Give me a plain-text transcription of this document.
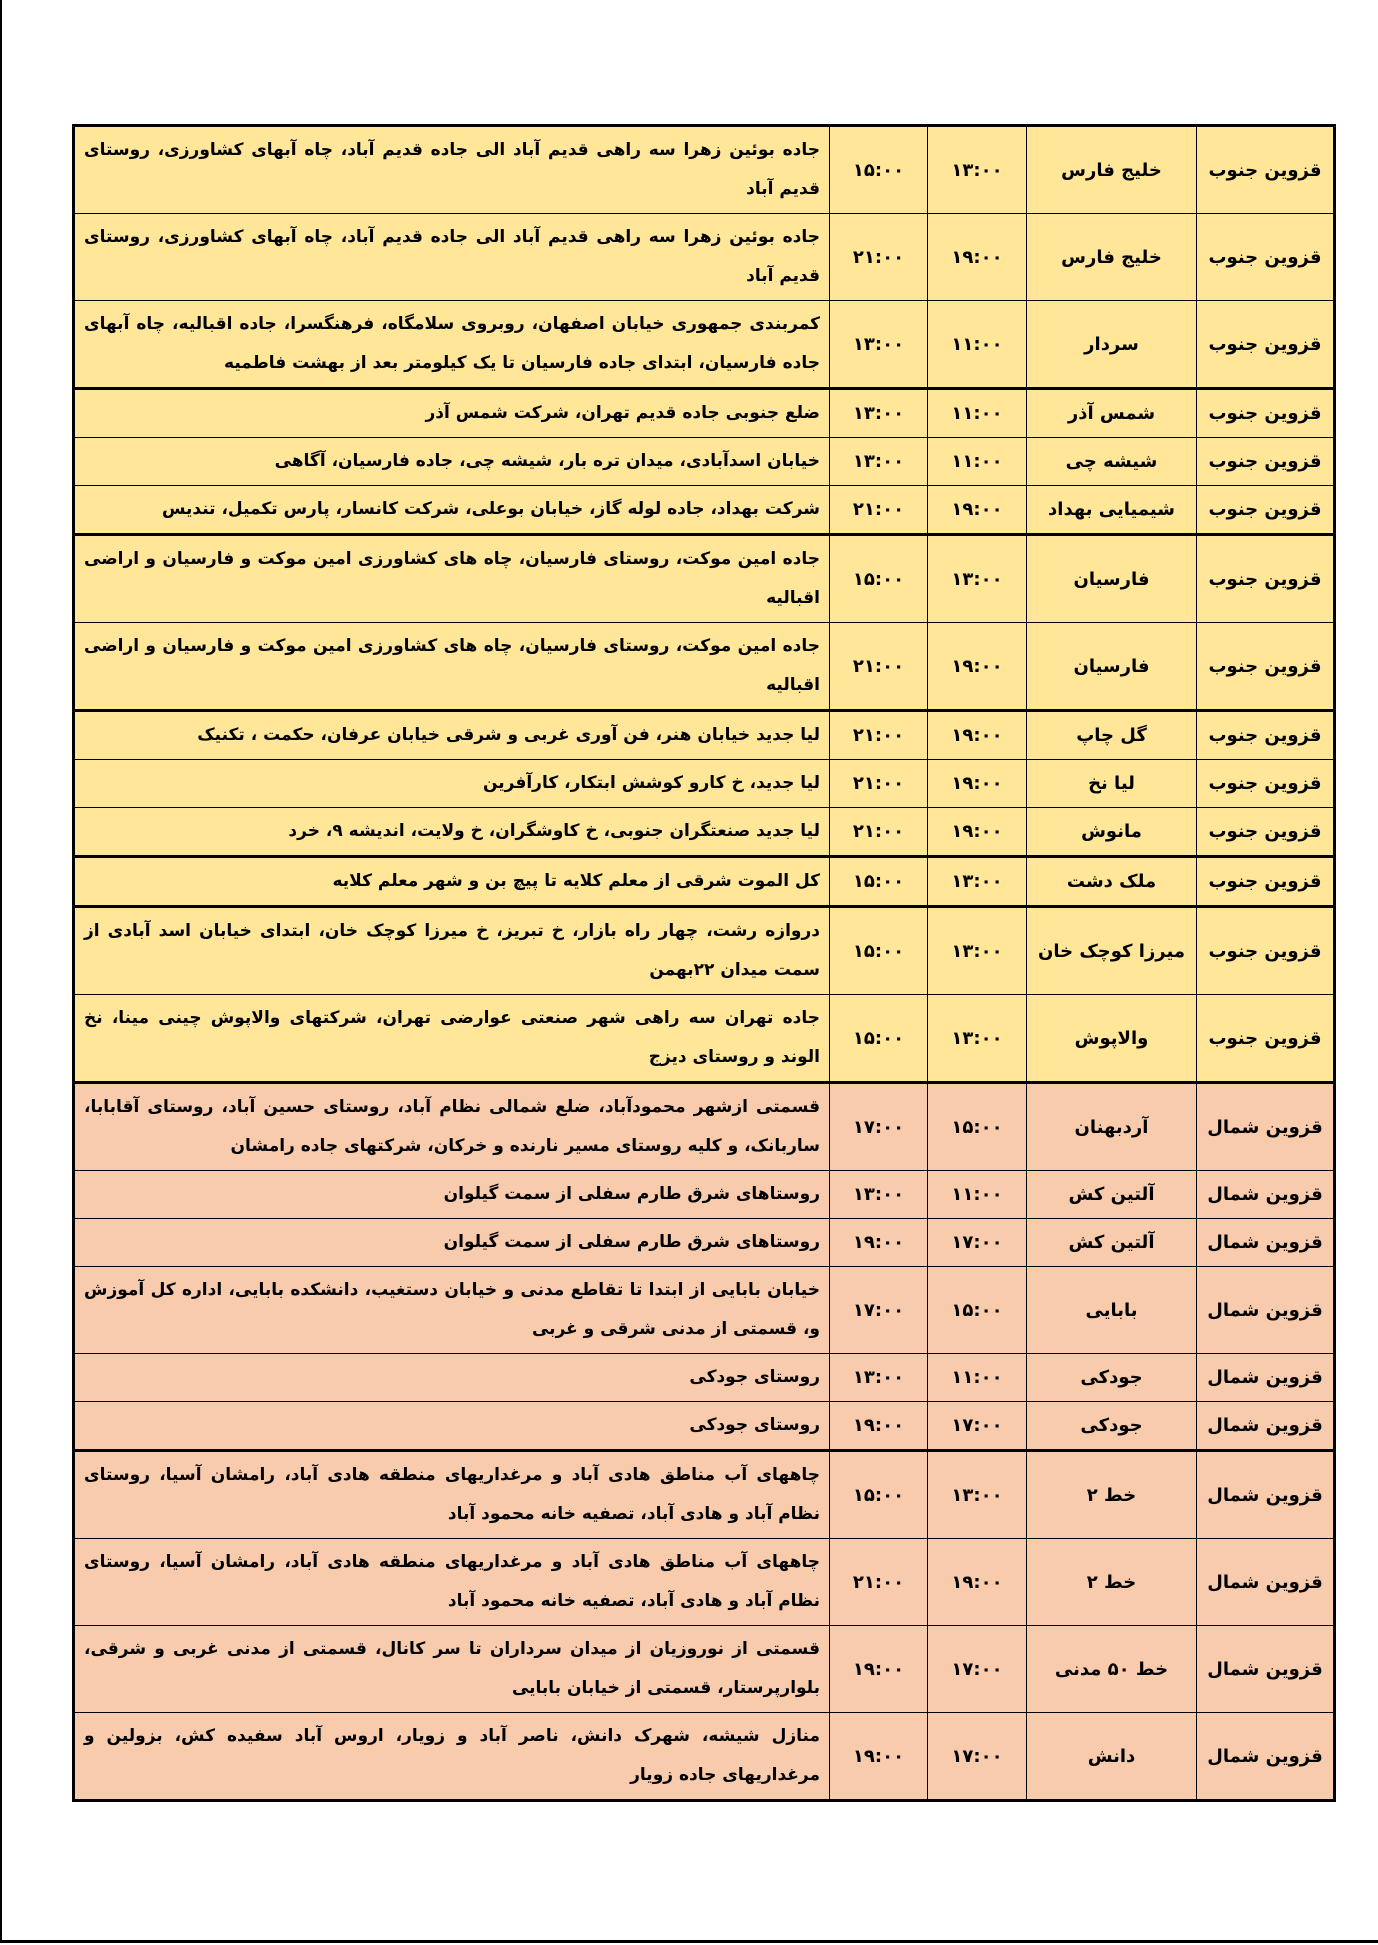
قزوین جنوب	خلیج فارس	۱۳:۰۰	۱۵:۰۰	جاده بوئین زهرا سه راهی قدیم آباد الی جاده قدیم آباد، چاه آبهای کشاورزی، روستای قدیم آباد
قزوین جنوب	خلیج فارس	۱۹:۰۰	۲۱:۰۰	جاده بوئین زهرا سه راهی قدیم آباد الی جاده قدیم آباد، چاه آبهای کشاورزی، روستای قدیم آباد
قزوین جنوب	سردار	۱۱:۰۰	۱۳:۰۰	کمربندی جمهوری خیابان اصفهان، روبروی سلامگاه، فرهنگسرا، جاده اقبالیه، چاه آبهای جاده فارسیان، ابتدای جاده فارسیان تا یک کیلومتر بعد از بهشت فاطمیه
قزوین جنوب	شمس آذر	۱۱:۰۰	۱۳:۰۰	ضلع جنوبی جاده قدیم تهران، شرکت شمس آذر
قزوین جنوب	شیشه چی	۱۱:۰۰	۱۳:۰۰	خیابان اسدآبادی، میدان تره بار، شیشه چی، جاده فارسیان، آگاهی
قزوین جنوب	شیمیایی بهداد	۱۹:۰۰	۲۱:۰۰	شرکت بهداد، جاده لوله گاز، خیابان بوعلی، شرکت کانسار، پارس تکمیل، تندیس
قزوین جنوب	فارسیان	۱۳:۰۰	۱۵:۰۰	جاده امین موکت، روستای فارسیان، چاه های کشاورزی امین موکت و فارسیان و اراضی اقبالیه
قزوین جنوب	فارسیان	۱۹:۰۰	۲۱:۰۰	جاده امین موکت، روستای فارسیان، چاه های کشاورزی امین موکت و فارسیان و اراضی اقبالیه
قزوین جنوب	گل چاپ	۱۹:۰۰	۲۱:۰۰	لیا جدید خیابان هنر، فن آوری غربی و شرقی خیابان عرفان، حکمت ، تکنیک
قزوین جنوب	لیا نخ	۱۹:۰۰	۲۱:۰۰	لیا جدید، خ کارو کوشش ابتکار، کارآفرین
قزوین جنوب	مانوش	۱۹:۰۰	۲۱:۰۰	لیا جدید صنعتگران جنوبی، خ کاوشگران، خ ولایت، اندیشه ۹، خرد
قزوین جنوب	ملک دشت	۱۳:۰۰	۱۵:۰۰	کل الموت شرقی از معلم کلایه تا پیچ بن و شهر معلم کلایه
قزوین جنوب	میرزا کوچک خان	۱۳:۰۰	۱۵:۰۰	دروازه رشت، چهار راه بازار، خ تبریز، خ میرزا کوچک خان، ابتدای خیابان اسد آبادی از سمت میدان ۲۲بهمن
قزوین جنوب	والاپوش	۱۳:۰۰	۱۵:۰۰	جاده تهران سه راهی شهر صنعتی عوارضی تهران، شرکتهای والاپوش چینی مینا، نخ الوند و روستای دیزج
قزوین شمال	آردبهنان	۱۵:۰۰	۱۷:۰۰	قسمتی ازشهر محمودآباد، ضلع شمالی نظام آباد، روستای حسین آباد، روستای آقابابا، ساربانک، و کلیه روستای مسیر نارنده و خرکان، شرکتهای جاده رامشان
قزوین شمال	آلتین کش	۱۱:۰۰	۱۳:۰۰	روستاهای شرق طارم سفلی از سمت گیلوان
قزوین شمال	آلتین کش	۱۷:۰۰	۱۹:۰۰	روستاهای شرق طارم سفلی از سمت گیلوان
قزوین شمال	بابایی	۱۵:۰۰	۱۷:۰۰	خیابان بابایی از ابتدا تا تقاطع مدنی و خیابان دستغیب، دانشکده بابایی، اداره کل آموزش و، قسمتی از مدنی شرقی و غربی
قزوین شمال	جودکی	۱۱:۰۰	۱۳:۰۰	روستای جودکی
قزوین شمال	جودکی	۱۷:۰۰	۱۹:۰۰	روستای جودکی
قزوین شمال	خط ۲	۱۳:۰۰	۱۵:۰۰	چاههای آب مناطق هادی آباد و مرغداریهای منطقه هادی آباد، رامشان آسیا، روستای نظام آباد و هادی آباد، تصفیه خانه محمود آباد
قزوین شمال	خط ۲	۱۹:۰۰	۲۱:۰۰	چاههای آب مناطق هادی آباد و مرغداریهای منطقه هادی آباد، رامشان آسیا، روستای نظام آباد و هادی آباد، تصفیه خانه محمود آباد
قزوین شمال	خط ۵۰ مدنی	۱۷:۰۰	۱۹:۰۰	قسمتی از نوروزیان از میدان سرداران تا سر کانال، قسمتی از مدنی غربی و شرقی، بلوارپرستار، قسمتی از خیابان بابایی
قزوین شمال	دانش	۱۷:۰۰	۱۹:۰۰	منازل شیشه، شهرک دانش، ناصر آباد و زویار، اروس آباد سفیده کش، بزولین و مرغداریهای جاده زویار
